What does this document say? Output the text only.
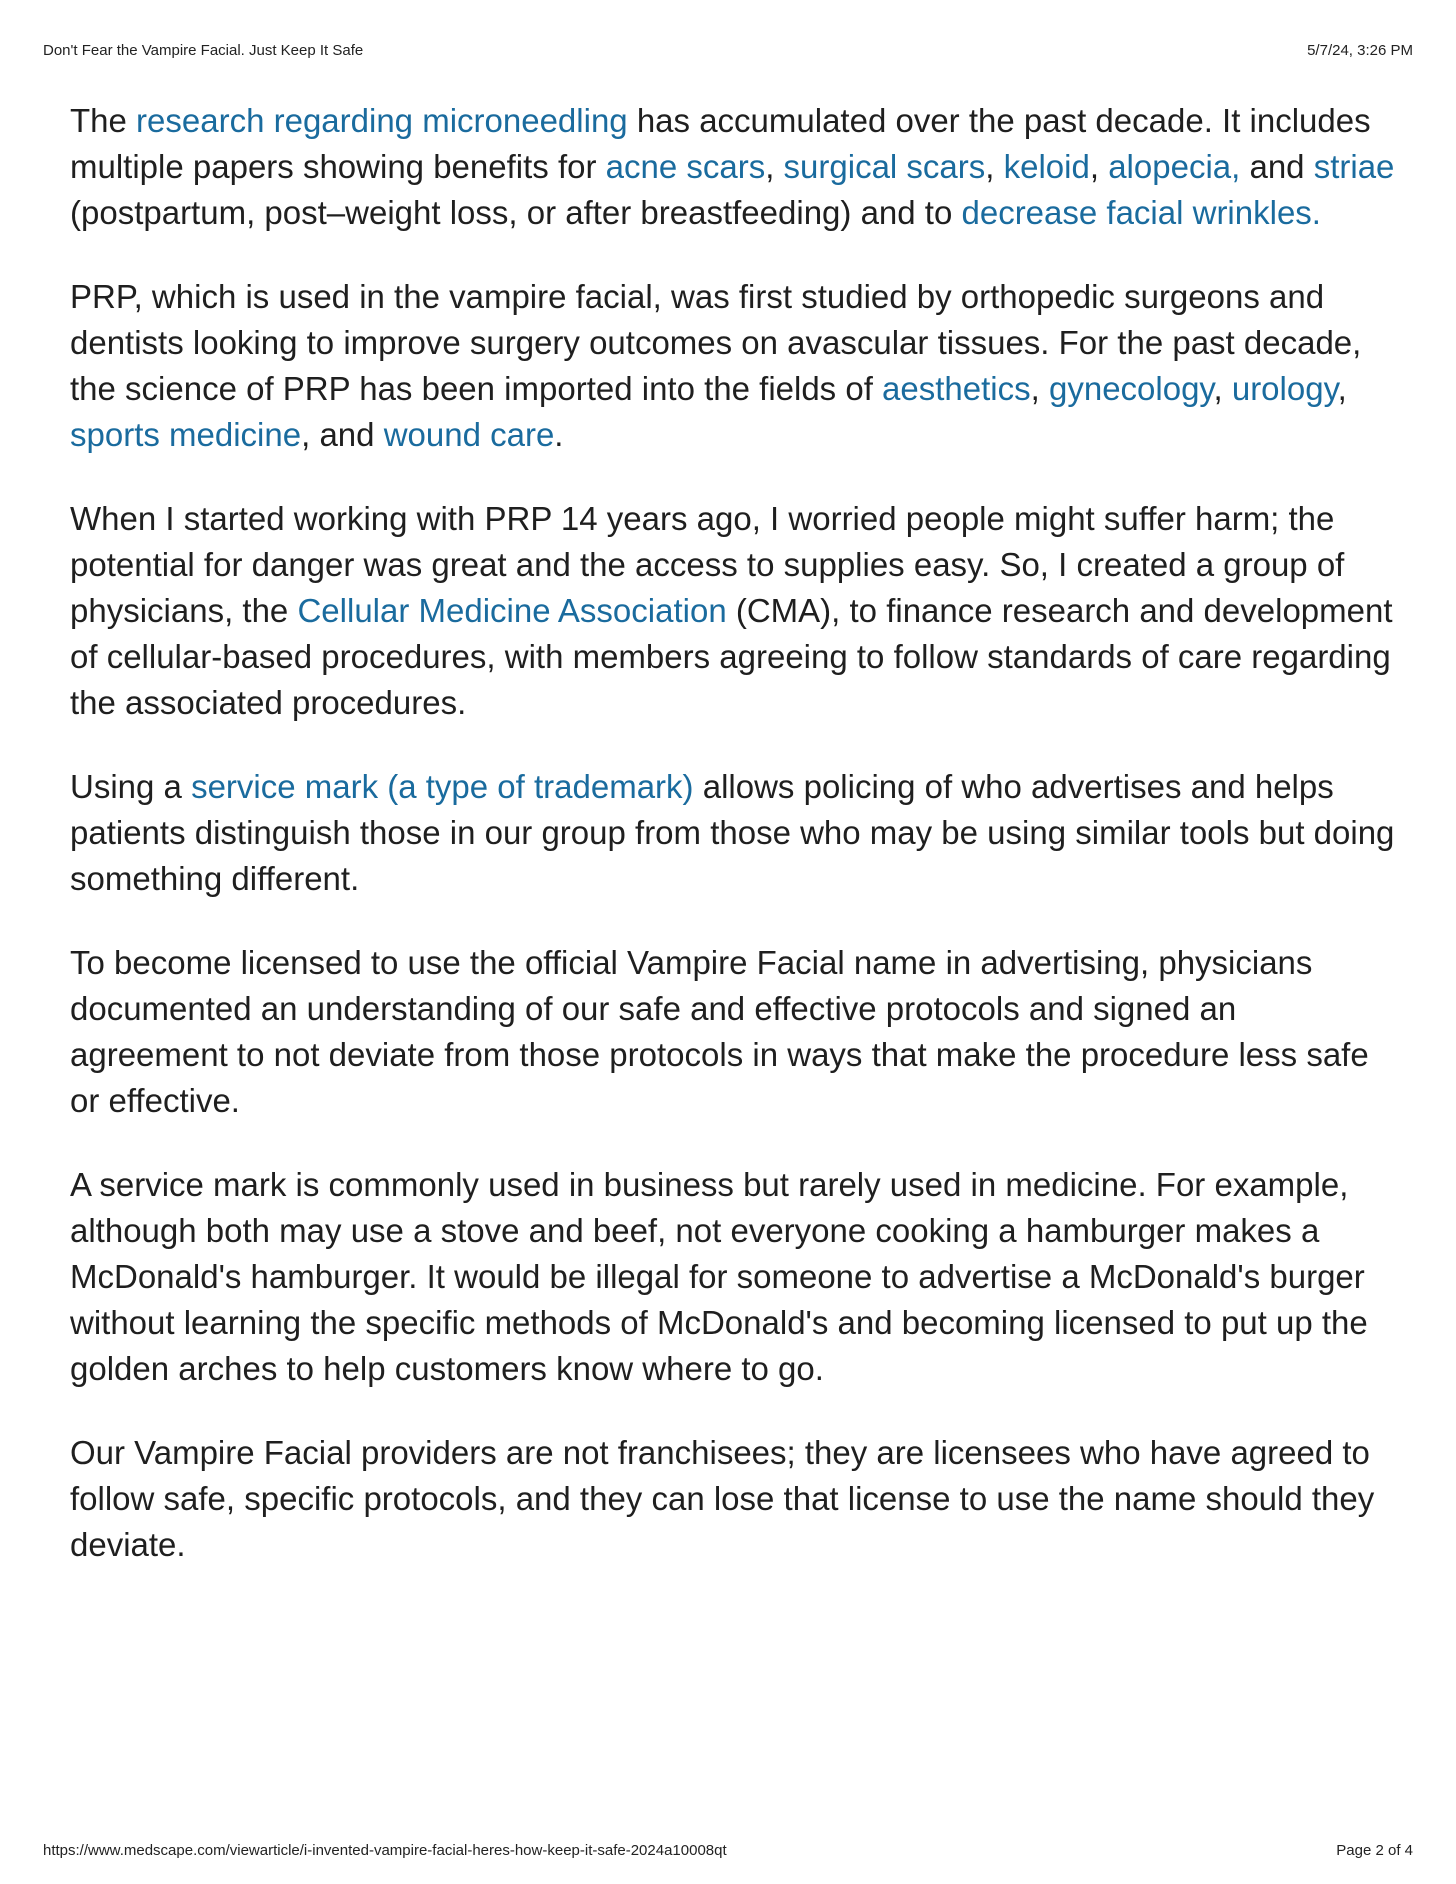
Don't Fear the Vampire Facial. Just Keep It Safe	5/7/24, 3:26 PM

The research regarding microneedling has accumulated over the past decade. It includes multiple papers showing benefits for acne scars, surgical scars, keloid, alopecia, and striae (postpartum, post–weight loss, or after breastfeeding) and to decrease facial wrinkles.

PRP, which is used in the vampire facial, was first studied by orthopedic surgeons and dentists looking to improve surgery outcomes on avascular tissues. For the past decade, the science of PRP has been imported into the fields of aesthetics, gynecology, urology, sports medicine, and wound care.

When I started working with PRP 14 years ago, I worried people might suffer harm; the potential for danger was great and the access to supplies easy. So, I created a group of physicians, the Cellular Medicine Association (CMA), to finance research and development of cellular-based procedures, with members agreeing to follow standards of care regarding the associated procedures.

Using a service mark (a type of trademark) allows policing of who advertises and helps patients distinguish those in our group from those who may be using similar tools but doing something different.

To become licensed to use the official Vampire Facial name in advertising, physicians documented an understanding of our safe and effective protocols and signed an agreement to not deviate from those protocols in ways that make the procedure less safe or effective.

A service mark is commonly used in business but rarely used in medicine. For example, although both may use a stove and beef, not everyone cooking a hamburger makes a McDonald's hamburger. It would be illegal for someone to advertise a McDonald's burger without learning the specific methods of McDonald's and becoming licensed to put up the golden arches to help customers know where to go.

Our Vampire Facial providers are not franchisees; they are licensees who have agreed to follow safe, specific protocols, and they can lose that license to use the name should they deviate.

https://www.medscape.com/viewarticle/i-invented-vampire-facial-heres-how-keep-it-safe-2024a10008qt	Page 2 of 4
